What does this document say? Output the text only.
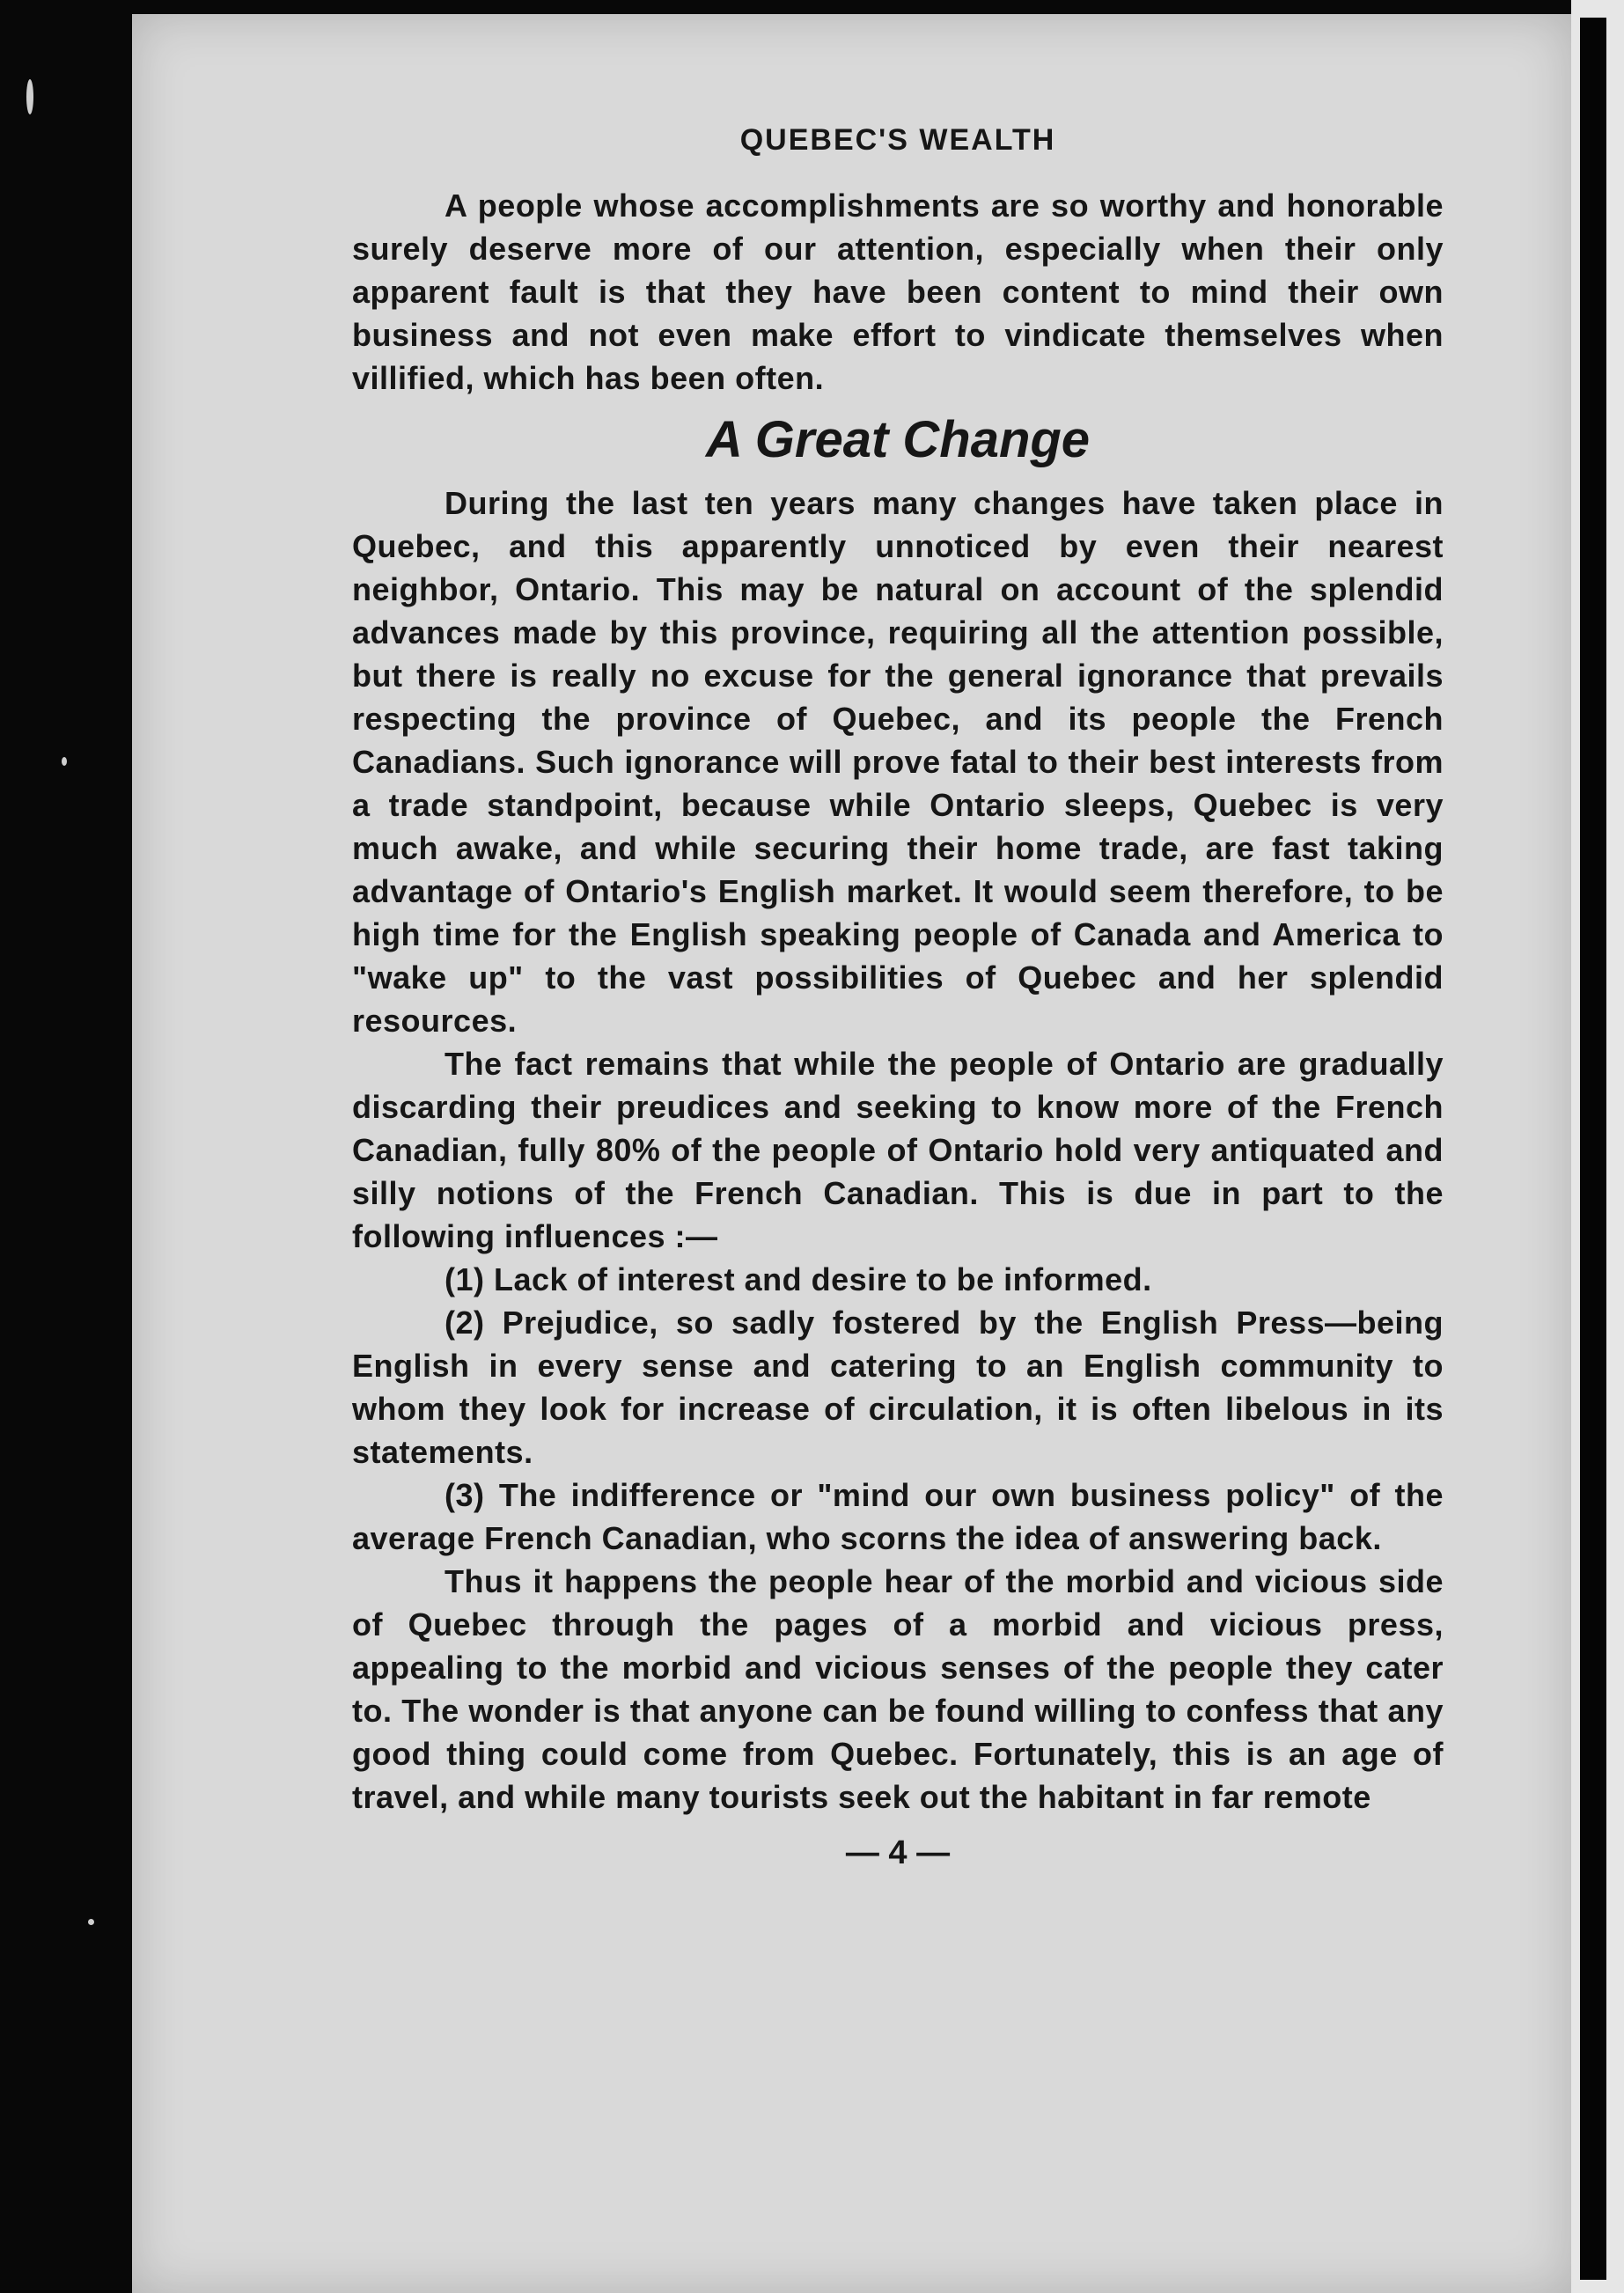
QUEBEC'S WEALTH

A people whose accomplishments are so worthy and honorable surely deserve more of our attention, especially when their only apparent fault is that they have been content to mind their own business and not even make effort to vindicate themselves when villified, which has been often.

A Great Change

During the last ten years many changes have taken place in Quebec, and this apparently unnoticed by even their nearest neighbor, Ontario. This may be natural on account of the splendid advances made by this province, requiring all the attention possible, but there is really no excuse for the general ignorance that prevails respecting the province of Quebec, and its people the French Canadians. Such ignorance will prove fatal to their best interests from a trade standpoint, because while Ontario sleeps, Quebec is very much awake, and while securing their home trade, are fast taking advantage of Ontario's English market. It would seem therefore, to be high time for the English speaking people of Canada and America to "wake up" to the vast possibilities of Quebec and her splendid resources.

The fact remains that while the people of Ontario are gradually discarding their preudices and seeking to know more of the French Canadian, fully 80% of the people of Ontario hold very antiquated and silly notions of the French Canadian. This is due in part to the following influences :—

(1) Lack of interest and desire to be informed.

(2) Prejudice, so sadly fostered by the English Press—being English in every sense and catering to an English community to whom they look for increase of circulation, it is often libelous in its statements.

(3) The indifference or "mind our own business policy" of the average French Canadian, who scorns the idea of answering back.

Thus it happens the people hear of the morbid and vicious side of Quebec through the pages of a morbid and vicious press, appealing to the morbid and vicious senses of the people they cater to. The wonder is that anyone can be found willing to confess that any good thing could come from Quebec. Fortunately, this is an age of travel, and while many tourists seek out the habitant in far remote

— 4 —
